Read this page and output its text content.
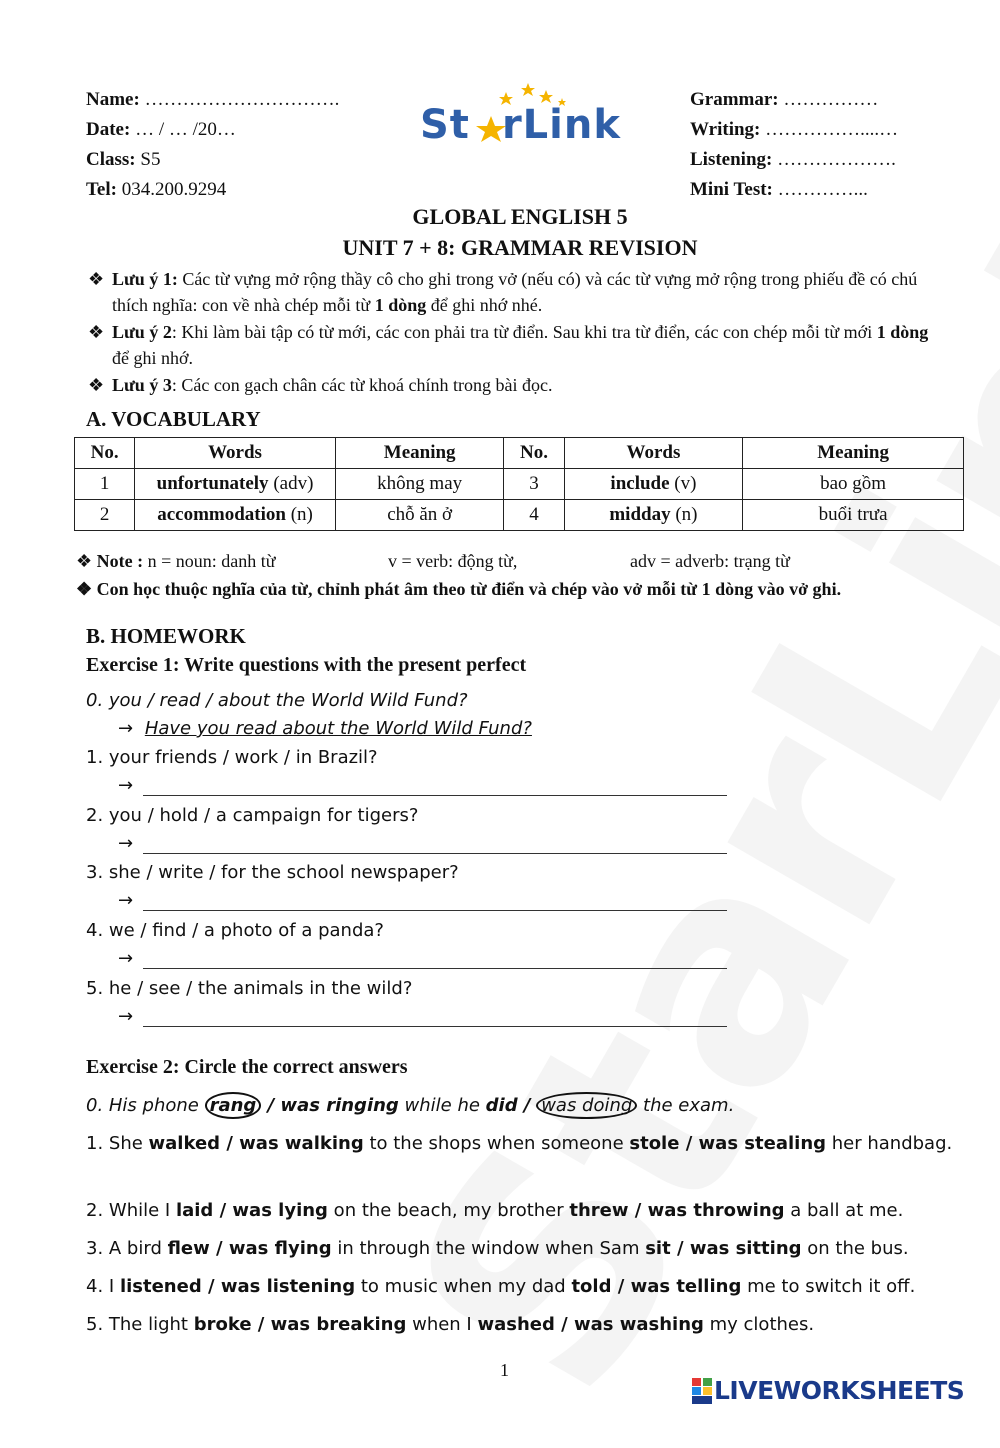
Name: ………………………….
Date: … / … /20…
Class: S5
Tel: 034.200.9294
St rLink
Grammar: ……………
Writing: ……………....…
Listening: ……………….
Mini Test: …………...
GLOBAL ENGLISH 5
UNIT 7 + 8: GRAMMAR REVISION
❖ Lưu ý 1: Các từ vựng mở rộng thầy cô cho ghi trong vở (nếu có) và các từ vựng mở rộng trong phiếu đề có chú thích nghĩa: con về nhà chép mỗi từ 1 dòng để ghi nhớ nhé.
❖ Lưu ý 2: Khi làm bài tập có từ mới, các con phải tra từ điển. Sau khi tra từ điển, các con chép mỗi từ mới 1 dòng để ghi nhớ.
❖ Lưu ý 3: Các con gạch chân các từ khoá chính trong bài đọc.
A. VOCABULARY
No.	Words	Meaning	No.	Words	Meaning
1	unfortunately (adv)	không may	3	include (v)	bao gồm
2	accommodation (n)	chỗ ăn ở	4	midday (n)	buổi trưa
❖ Note : n = noun: danh từ	v = verb: động từ,	adv = adverb: trạng từ
❖ Con học thuộc nghĩa của từ, chỉnh phát âm theo từ điển và chép vào vở mỗi từ 1 dòng vào vở ghi.
B. HOMEWORK
Exercise 1: Write questions with the present perfect
0. you / read / about the World Wild Fund?
→ Have you read about the World Wild Fund?
1. your friends / work / in Brazil?
→
2. you / hold / a campaign for tigers?
→
3. she / write / for the school newspaper?
→
4. we / find / a photo of a panda?
→
5. he / see / the animals in the wild?
→
Exercise 2: Circle the correct answers
0. His phone rang / was ringing while he did / was doing the exam.
1. She walked / was walking to the shops when someone stole / was stealing her handbag.
2. While I laid / was lying on the beach, my brother threw / was throwing a ball at me.
3. A bird flew / was flying in through the window when Sam sit / was sitting on the bus.
4. I listened / was listening to music when my dad told / was telling me to switch it off.
5. The light broke / was breaking when I washed / was washing my clothes.
1
LIVEWORKSHEETS
